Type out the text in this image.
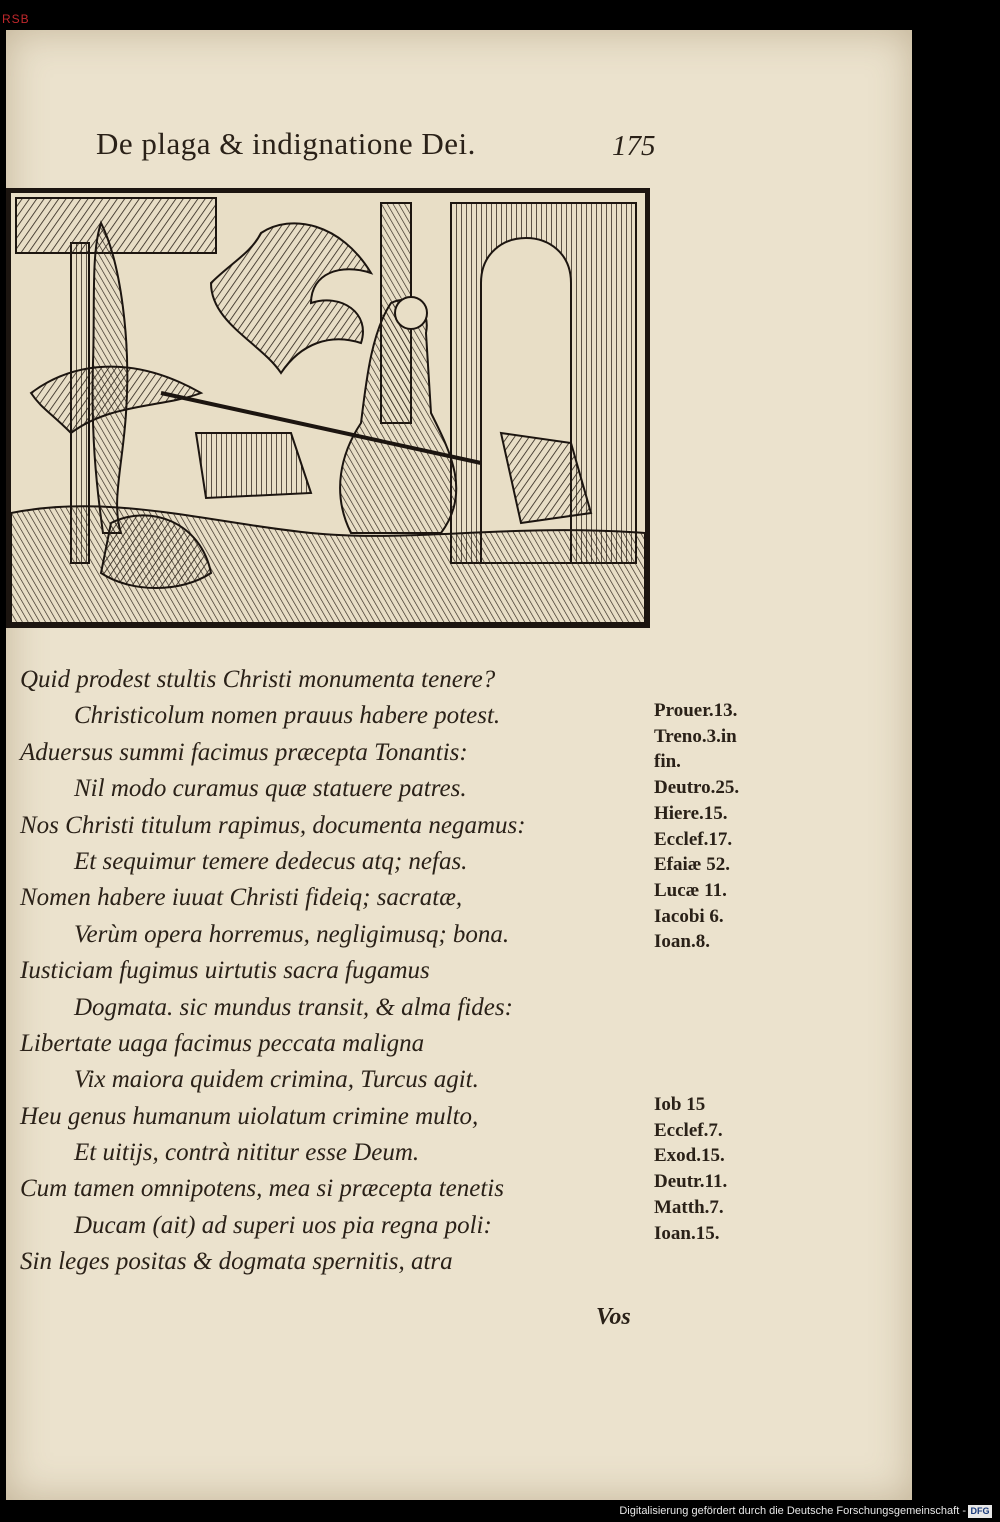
RSB
De plaga & indignatione Dei.	175
Quid prodest stultis Christi monumenta tenere?
Christicolum nomen prauus habere potest.
Aduersus summi facimus præcepta Tonantis:
Nil modo curamus quæ statuere patres.
Nos Christi titulum rapimus, documenta negamus:
Et sequimur temere dedecus atq; nefas.
Nomen habere iuuat Christi fideiq; sacratæ,
Verùm opera horremus, negligimusq; bona.
Iusticiam fugimus uirtutis sacra fugamus
Dogmata. sic mundus transit, & alma fides:
Libertate uaga facimus peccata maligna
Vix maiora quidem crimina, Turcus agit.
Heu genus humanum uiolatum crimine multo,
Et uitijs, contrà nititur esse Deum.
Cum tamen omnipotens, mea si præcepta tenetis
Ducam (ait) ad superi uos pia regna poli:
Sin leges positas & dogmata spernitis, atra
Prouer.13.
Treno.3.in
fin.
Deutro.25.
Hiere.15.
Ecclef.17.
Efaiæ 52.
Lucæ 11.
Iacobi 6.
Ioan.8.
Iob 15
Ecclef.7.
Exod.15.
Deutr.11.
Matth.7.
Ioan.15.
Vos
Digitalisierung gefördert durch die Deutsche Forschungsgemeinschaft - DFG
